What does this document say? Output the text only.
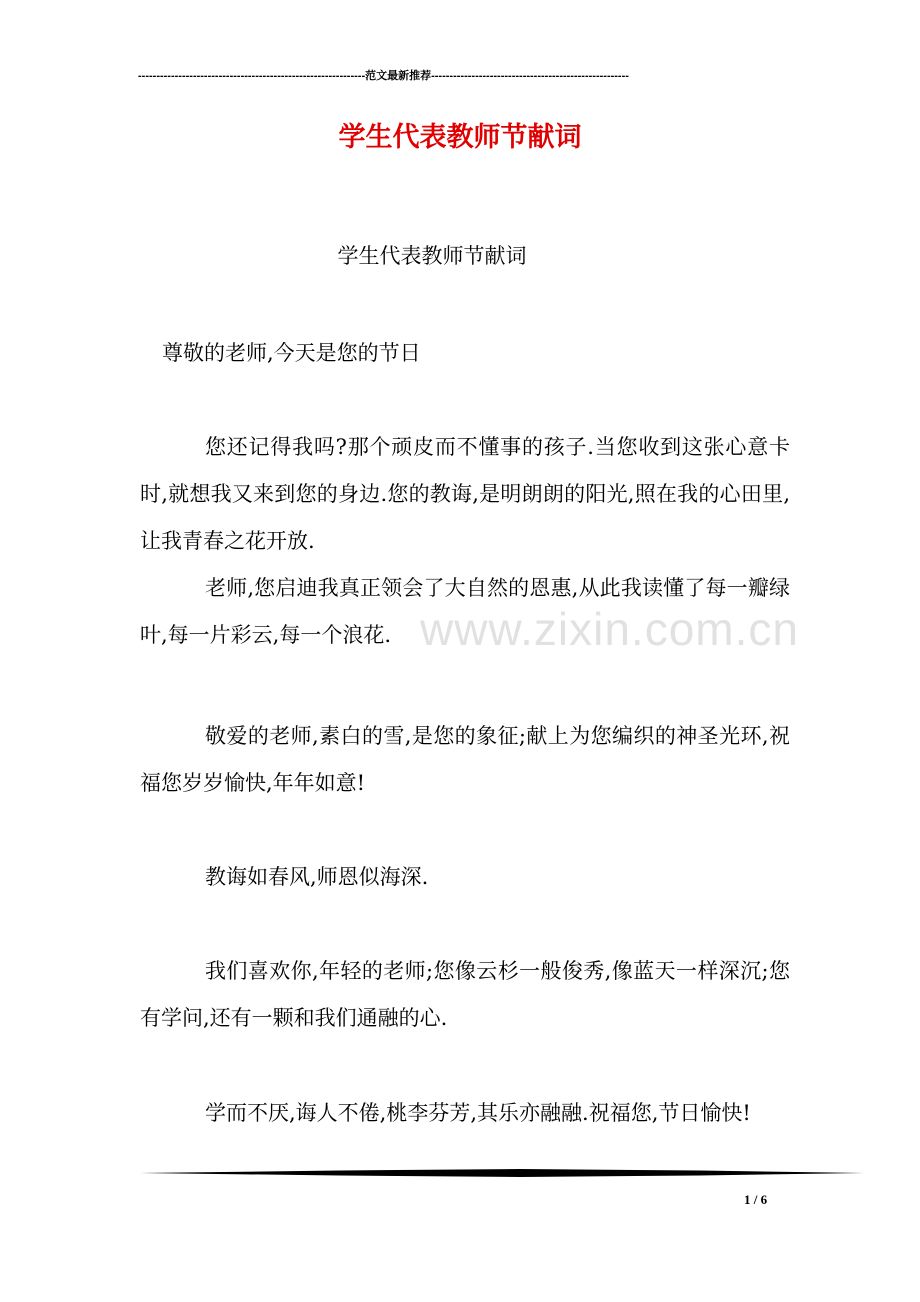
--------------------------------------------------------------范文最新推荐------------------------------------------------------
学生代表教师节献词
学生代表教师节献词

尊敬的老师,今天是您的节日

您还记得我吗?那个顽皮而不懂事的孩子.当您收到这张心意卡时,就想我又来到您的身边.您的教诲,是明朗朗的阳光,照在我的心田里,让我青春之花开放.

老师,您启迪我真正领会了大自然的恩惠,从此我读懂了每一瓣绿叶,每一片彩云,每一个浪花.

敬爱的老师,素白的雪,是您的象征;献上为您编织的神圣光环,祝福您岁岁愉快,年年如意!

教诲如春风,师恩似海深.

我们喜欢你,年轻的老师;您像云杉一般俊秀,像蓝天一样深沉;您有学问,还有一颗和我们通融的心.

学而不厌,诲人不倦,桃李芬芳,其乐亦融融.祝福您,节日愉快!

www.zixin.com.cn
1 / 6
